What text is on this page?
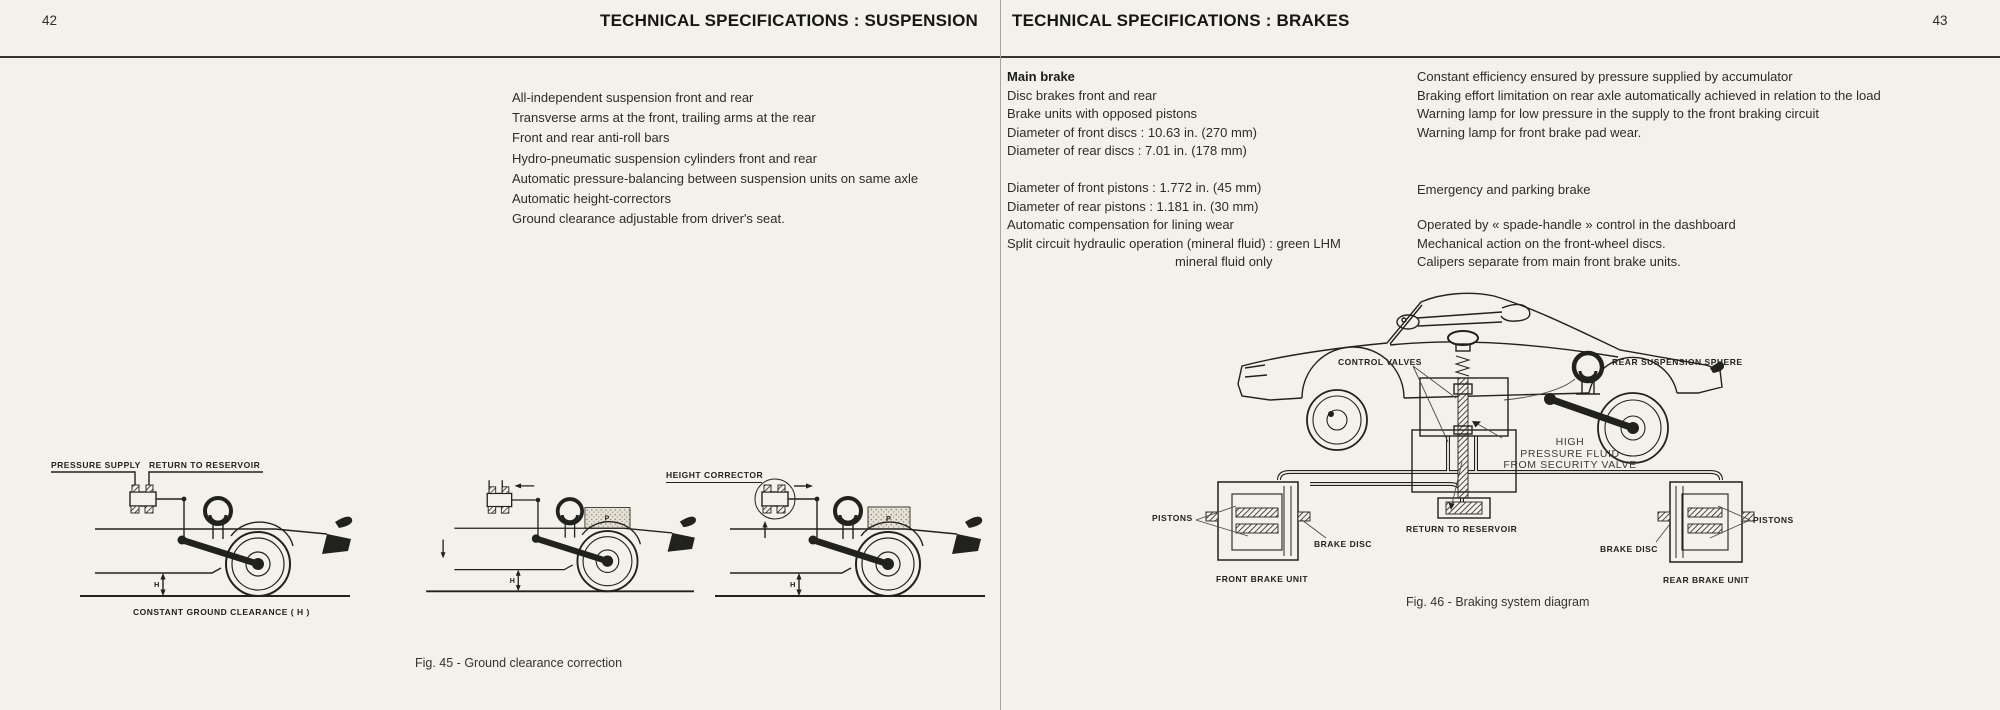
42	TECHNICAL SPECIFICATIONS : SUSPENSION TECHNICAL SPECIFICATIONS : BRAKES	43
All-independent suspension front and rear
Transverse arms at the front, trailing arms at the rear
Front and rear anti-roll bars
Hydro-pneumatic suspension cylinders front and rear
Automatic pressure-balancing between suspension units on same axle
Automatic height-correctors
Ground clearance adjustable from driver's seat.
PRESSURE SUPPLY RETURN TO RESERVOIR
H
CONSTANT GROUND CLEARANCE ( H )
H
P
H
P
HEIGHT CORRECTOR
Fig. 45 - Ground clearance correction
Main brake
Disc brakes front and rear
Brake units with opposed pistons
Diameter of front discs : 10.63 in. (270 mm)
Diameter of rear discs : 7.01 in. (178 mm)
Diameter of front pistons : 1.772 in. (45 mm)
Diameter of rear pistons : 1.181 in. (30 mm)
Automatic compensation for lining wear
Split circuit hydraulic operation (mineral fluid) : green LHM
mineral fluid only
Constant efficiency ensured by pressure supplied by accumulator
Braking effort limitation on rear axle automatically achieved in relation to the load
Warning lamp for low pressure in the supply to the front braking circuit
Warning lamp for front brake pad wear.
Emergency and parking brake
Operated by « spade-handle » control in the dashboard
Mechanical action on the front-wheel discs.
Calipers separate from main front brake units.
CONTROL VALVES	REAR SUSPENSION SPHERE
HIGH
PRESSURE FLUID
FROM SECURITY VALVE
PISTONS
BRAKE DISC
FRONT BRAKE UNIT
RETURN TO RESERVOIR
BRAKE DISC
PISTONS
REAR BRAKE UNIT
Fig. 46 - Braking system diagram
